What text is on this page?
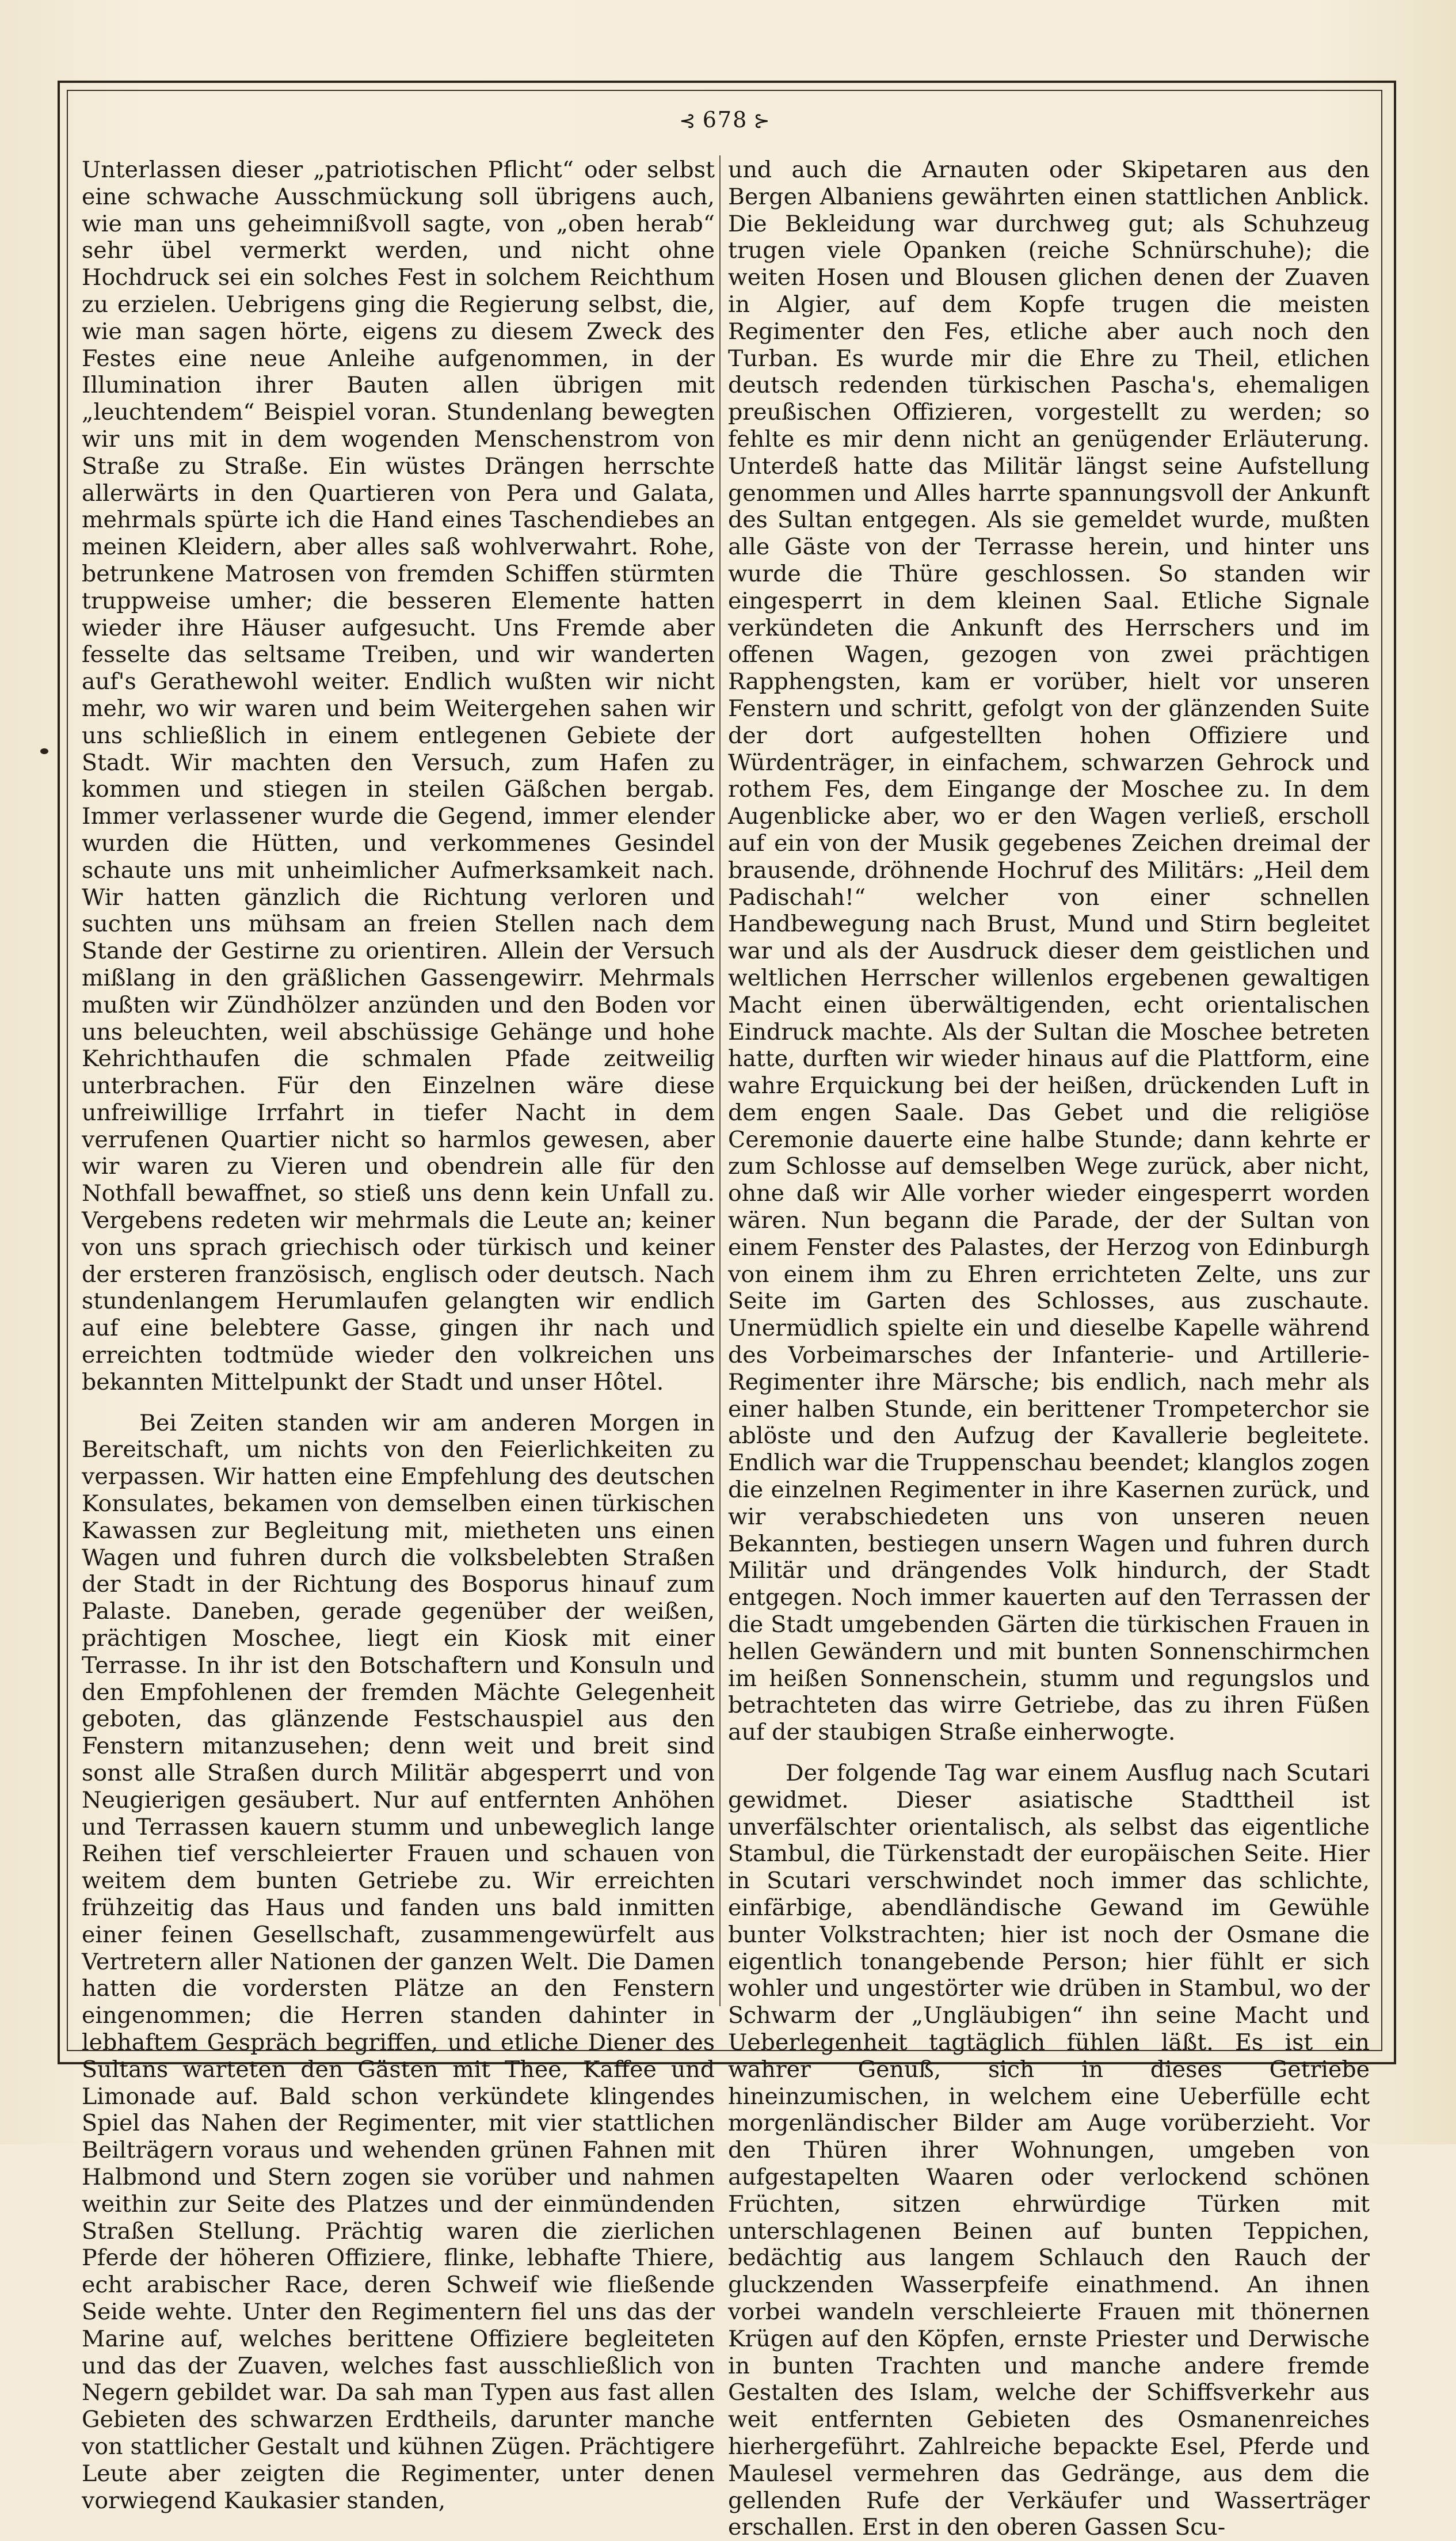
⊰ 678 ⊱

Unterlassen dieser „patriotischen Pflicht“ oder selbst eine schwache Ausschmückung soll übrigens auch, wie man uns geheimnißvoll sagte, von „oben herab“ sehr übel vermerkt werden, und nicht ohne Hochdruck sei ein solches Fest in solchem Reichthum zu erzielen. Uebrigens ging die Regierung selbst, die, wie man sagen hörte, eigens zu diesem Zweck des Festes eine neue Anleihe aufgenommen, in der Illumination ihrer Bauten allen übrigen mit „leuchtendem“ Beispiel voran. Stundenlang bewegten wir uns mit in dem wogenden Menschenstrom von Straße zu Straße. Ein wüstes Drängen herrschte allerwärts in den Quartieren von Pera und Galata, mehrmals spürte ich die Hand eines Taschendiebes an meinen Kleidern, aber alles saß wohlverwahrt. Rohe, betrunkene Matrosen von fremden Schiffen stürmten truppweise umher; die besseren Elemente hatten wieder ihre Häuser aufgesucht. Uns Fremde aber fesselte das seltsame Treiben, und wir wanderten auf's Gerathewohl weiter. Endlich wußten wir nicht mehr, wo wir waren und beim Weitergehen sahen wir uns schließlich in einem entlegenen Gebiete der Stadt. Wir machten den Versuch, zum Hafen zu kommen und stiegen in steilen Gäßchen bergab. Immer verlassener wurde die Gegend, immer elender wurden die Hütten, und verkommenes Gesindel schaute uns mit unheimlicher Aufmerksamkeit nach. Wir hatten gänzlich die Richtung verloren und suchten uns mühsam an freien Stellen nach dem Stande der Gestirne zu orientiren. Allein der Versuch mißlang in den gräßlichen Gassengewirr. Mehrmals mußten wir Zündhölzer anzünden und den Boden vor uns beleuchten, weil abschüssige Gehänge und hohe Kehrichthaufen die schmalen Pfade zeitweilig unterbrachen. Für den Einzelnen wäre diese unfreiwillige Irrfahrt in tiefer Nacht in dem verrufenen Quartier nicht so harmlos gewesen, aber wir waren zu Vieren und obendrein alle für den Nothfall bewaffnet, so stieß uns denn kein Unfall zu. Vergebens redeten wir mehrmals die Leute an; keiner von uns sprach griechisch oder türkisch und keiner der ersteren französisch, englisch oder deutsch. Nach stundenlangem Herumlaufen gelangten wir endlich auf eine belebtere Gasse, gingen ihr nach und erreichten todtmüde wieder den volkreichen uns bekannten Mittelpunkt der Stadt und unser Hôtel.

Bei Zeiten standen wir am anderen Morgen in Bereitschaft, um nichts von den Feierlichkeiten zu verpassen. Wir hatten eine Empfehlung des deutschen Konsulates, bekamen von demselben einen türkischen Kawassen zur Begleitung mit, mietheten uns einen Wagen und fuhren durch die volksbelebten Straßen der Stadt in der Richtung des Bosporus hinauf zum Palaste. Daneben, gerade gegenüber der weißen, prächtigen Moschee, liegt ein Kiosk mit einer Terrasse. In ihr ist den Botschaftern und Konsuln und den Empfohlenen der fremden Mächte Gelegenheit geboten, das glänzende Festschauspiel aus den Fenstern mitanzusehen; denn weit und breit sind sonst alle Straßen durch Militär abgesperrt und von Neugierigen gesäubert. Nur auf entfernten Anhöhen und Terrassen kauern stumm und unbeweglich lange Reihen tief verschleierter Frauen und schauen von weitem dem bunten Getriebe zu. Wir erreichten frühzeitig das Haus und fanden uns bald inmitten einer feinen Gesellschaft, zusammengewürfelt aus Vertretern aller Nationen der ganzen Welt. Die Damen hatten die vordersten Plätze an den Fenstern eingenommen; die Herren standen dahinter in lebhaftem Gespräch begriffen, und etliche Diener des Sultans warteten den Gästen mit Thee, Kaffee und Limonade auf. Bald schon verkündete klingendes Spiel das Nahen der Regimenter, mit vier stattlichen Beilträgern voraus und wehenden grünen Fahnen mit Halbmond und Stern zogen sie vorüber und nahmen weithin zur Seite des Platzes und der einmündenden Straßen Stellung. Prächtig waren die zierlichen Pferde der höheren Offiziere, flinke, lebhafte Thiere, echt arabischer Race, deren Schweif wie fließende Seide wehte. Unter den Regimentern fiel uns das der Marine auf, welches berittene Offiziere begleiteten und das der Zuaven, welches fast ausschließlich von Negern gebildet war. Da sah man Typen aus fast allen Gebieten des schwarzen Erdtheils, darunter manche von stattlicher Gestalt und kühnen Zügen. Prächtigere Leute aber zeigten die Regimenter, unter denen vorwiegend Kaukasier standen,

und auch die Arnauten oder Skipetaren aus den Bergen Albaniens gewährten einen stattlichen Anblick. Die Bekleidung war durchweg gut; als Schuhzeug trugen viele Opanken (reiche Schnürschuhe); die weiten Hosen und Blousen glichen denen der Zuaven in Algier, auf dem Kopfe trugen die meisten Regimenter den Fes, etliche aber auch noch den Turban. Es wurde mir die Ehre zu Theil, etlichen deutsch redenden türkischen Pascha's, ehemaligen preußischen Offizieren, vorgestellt zu werden; so fehlte es mir denn nicht an genügender Erläuterung. Unterdeß hatte das Militär längst seine Aufstellung genommen und Alles harrte spannungsvoll der Ankunft des Sultan entgegen. Als sie gemeldet wurde, mußten alle Gäste von der Terrasse herein, und hinter uns wurde die Thüre geschlossen. So standen wir eingesperrt in dem kleinen Saal. Etliche Signale verkündeten die Ankunft des Herrschers und im offenen Wagen, gezogen von zwei prächtigen Rapphengsten, kam er vorüber, hielt vor unseren Fenstern und schritt, gefolgt von der glänzenden Suite der dort aufgestellten hohen Offiziere und Würdenträger, in einfachem, schwarzen Gehrock und rothem Fes, dem Eingange der Moschee zu. In dem Augenblicke aber, wo er den Wagen verließ, erscholl auf ein von der Musik gegebenes Zeichen dreimal der brausende, dröhnende Hochruf des Militärs: „Heil dem Padischah!“ welcher von einer schnellen Handbewegung nach Brust, Mund und Stirn begleitet war und als der Ausdruck dieser dem geistlichen und weltlichen Herrscher willenlos ergebenen gewaltigen Macht einen überwältigenden, echt orientalischen Eindruck machte. Als der Sultan die Moschee betreten hatte, durften wir wieder hinaus auf die Plattform, eine wahre Erquickung bei der heißen, drückenden Luft in dem engen Saale. Das Gebet und die religiöse Ceremonie dauerte eine halbe Stunde; dann kehrte er zum Schlosse auf demselben Wege zurück, aber nicht, ohne daß wir Alle vorher wieder eingesperrt worden wären. Nun begann die Parade, der der Sultan von einem Fenster des Palastes, der Herzog von Edinburgh von einem ihm zu Ehren errichteten Zelte, uns zur Seite im Garten des Schlosses, aus zuschaute. Unermüdlich spielte ein und dieselbe Kapelle während des Vorbeimarsches der Infanterie- und Artillerie-Regimenter ihre Märsche; bis endlich, nach mehr als einer halben Stunde, ein berittener Trompeterchor sie ablöste und den Aufzug der Kavallerie begleitete. Endlich war die Truppenschau beendet; klanglos zogen die einzelnen Regimenter in ihre Kasernen zurück, und wir verabschiedeten uns von unseren neuen Bekannten, bestiegen unsern Wagen und fuhren durch Militär und drängendes Volk hindurch, der Stadt entgegen. Noch immer kauerten auf den Terrassen der die Stadt umgebenden Gärten die türkischen Frauen in hellen Gewändern und mit bunten Sonnenschirmchen im heißen Sonnenschein, stumm und regungslos und betrachteten das wirre Getriebe, das zu ihren Füßen auf der staubigen Straße einherwogte.

Der folgende Tag war einem Ausflug nach Scutari gewidmet. Dieser asiatische Stadttheil ist unverfälschter orientalisch, als selbst das eigentliche Stambul, die Türkenstadt der europäischen Seite. Hier in Scutari verschwindet noch immer das schlichte, einfärbige, abendländische Gewand im Gewühle bunter Volkstrachten; hier ist noch der Osmane die eigentlich tonangebende Person; hier fühlt er sich wohler und ungestörter wie drüben in Stambul, wo der Schwarm der „Ungläubigen“ ihn seine Macht und Ueberlegenheit tagtäglich fühlen läßt. Es ist ein wahrer Genuß, sich in dieses Getriebe hineinzumischen, in welchem eine Ueberfülle echt morgenländischer Bilder am Auge vorüberzieht. Vor den Thüren ihrer Wohnungen, umgeben von aufgestapelten Waaren oder verlockend schönen Früchten, sitzen ehrwürdige Türken mit unterschlagenen Beinen auf bunten Teppichen, bedächtig aus langem Schlauch den Rauch der gluckzenden Wasserpfeife einathmend. An ihnen vorbei wandeln verschleierte Frauen mit thönernen Krügen auf den Köpfen, ernste Priester und Derwische in bunten Trachten und manche andere fremde Gestalten des Islam, welche der Schiffsverkehr aus weit entfernten Gebieten des Osmanenreiches hierhergeführt. Zahlreiche bepackte Esel, Pferde und Maulesel vermehren das Gedränge, aus dem die gellenden Rufe der Verkäufer und Wasserträger erschallen. Erst in den oberen Gassen Scu-
